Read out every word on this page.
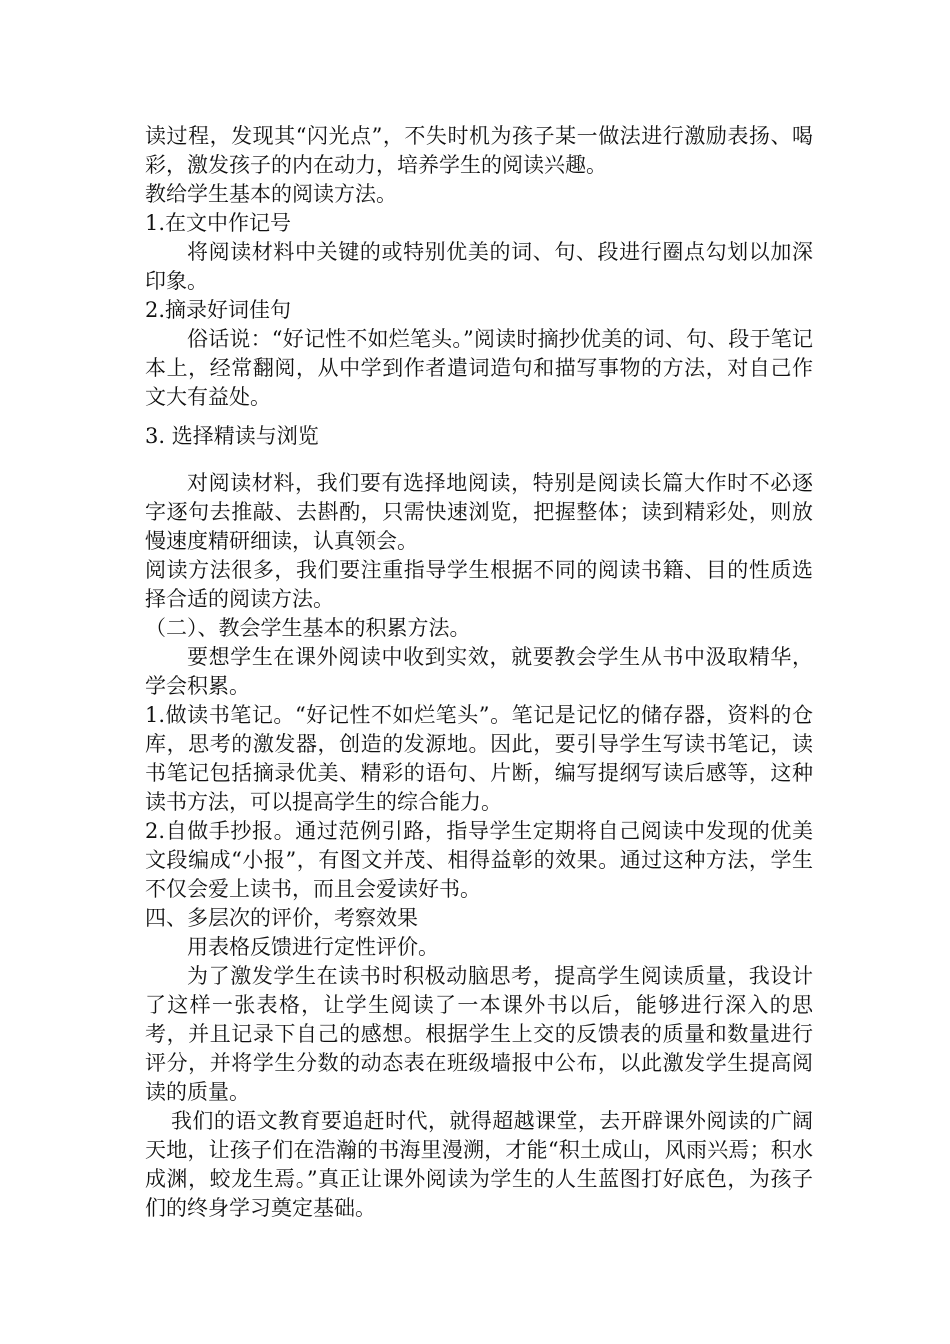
读过程，发现其“闪光点”，不失时机为孩子某一做法进行激励表扬、喝彩，激发孩子的内在动力，培养学生的阅读兴趣。

教给学生基本的阅读方法。

1.在文中作记号

将阅读材料中关键的或特别优美的词、句、段进行圈点勾划以加深印象。

2.摘录好词佳句

俗话说：“好记性不如烂笔头。”阅读时摘抄优美的词、句、段于笔记本上，经常翻阅，从中学到作者遣词造句和描写事物的方法，对自己作文大有益处。

3. 选择精读与浏览

对阅读材料，我们要有选择地阅读，特别是阅读长篇大作时不必逐字逐句去推敲、去斟酌，只需快速浏览，把握整体；读到精彩处，则放慢速度精研细读，认真领会。

阅读方法很多，我们要注重指导学生根据不同的阅读书籍、目的性质选择合适的阅读方法。

（二）、教会学生基本的积累方法。

要想学生在课外阅读中收到实效，就要教会学生从书中汲取精华，学会积累。

1.做读书笔记。“好记性不如烂笔头”。笔记是记忆的储存器，资料的仓库，思考的激发器，创造的发源地。因此，要引导学生写读书笔记，读书笔记包括摘录优美、精彩的语句、片断，编写提纲写读后感等，这种读书方法，可以提高学生的综合能力。

2.自做手抄报。通过范例引路，指导学生定期将自己阅读中发现的优美文段编成“小报”，有图文并茂、相得益彰的效果。通过这种方法，学生不仅会爱上读书，而且会爱读好书。

四、多层次的评价，考察效果

用表格反馈进行定性评价。

为了激发学生在读书时积极动脑思考，提高学生阅读质量，我设计了这样一张表格，让学生阅读了一本课外书以后，能够进行深入的思考，并且记录下自己的感想。根据学生上交的反馈表的质量和数量进行评分，并将学生分数的动态表在班级墙报中公布，以此激发学生提高阅读的质量。

我们的语文教育要追赶时代，就得超越课堂，去开辟课外阅读的广阔天地，让孩子们在浩瀚的书海里漫溯，才能“积土成山，风雨兴焉；积水成渊，蛟龙生焉。”真正让课外阅读为学生的人生蓝图打好底色，为孩子们的终身学习奠定基础。
